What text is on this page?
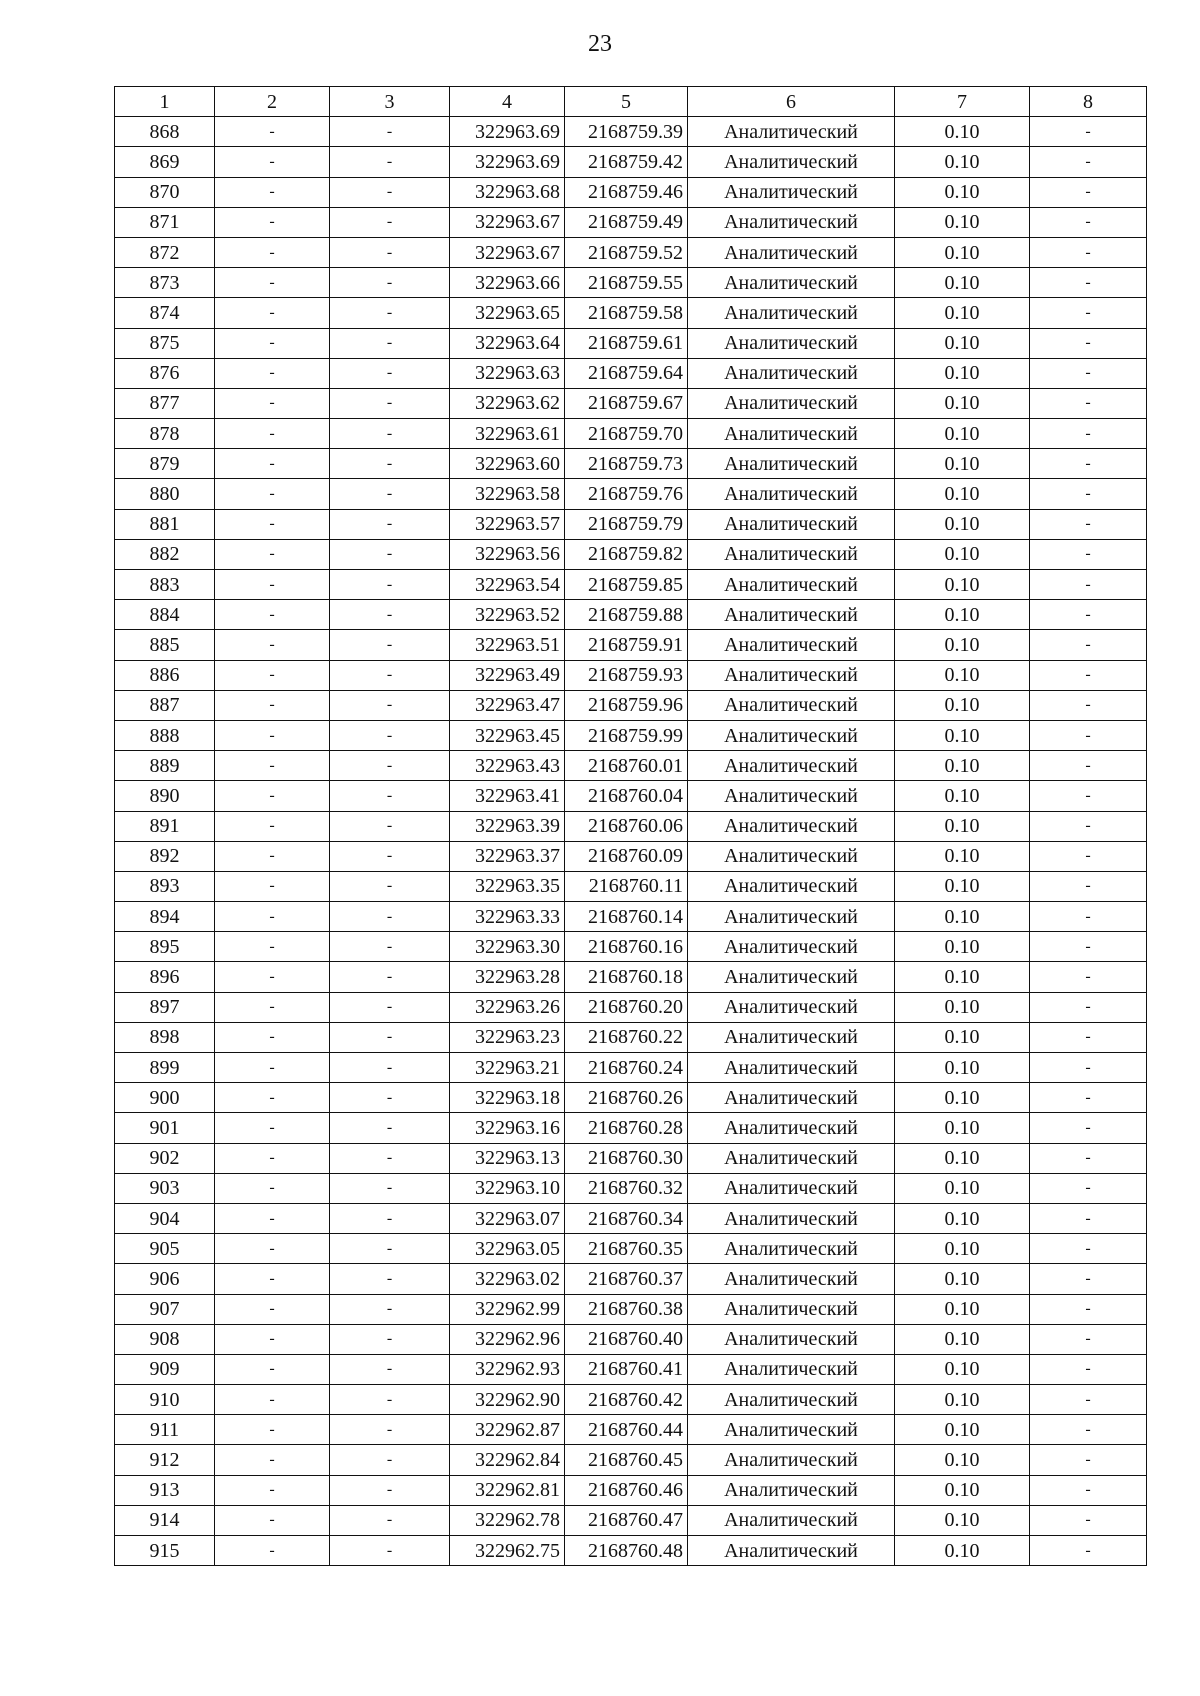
23
1	2	3	4	5	6	7	8
868	-	-	322963.69	2168759.39	Аналитический	0.10	-
869	-	-	322963.69	2168759.42	Аналитический	0.10	-
870	-	-	322963.68	2168759.46	Аналитический	0.10	-
871	-	-	322963.67	2168759.49	Аналитический	0.10	-
872	-	-	322963.67	2168759.52	Аналитический	0.10	-
873	-	-	322963.66	2168759.55	Аналитический	0.10	-
874	-	-	322963.65	2168759.58	Аналитический	0.10	-
875	-	-	322963.64	2168759.61	Аналитический	0.10	-
876	-	-	322963.63	2168759.64	Аналитический	0.10	-
877	-	-	322963.62	2168759.67	Аналитический	0.10	-
878	-	-	322963.61	2168759.70	Аналитический	0.10	-
879	-	-	322963.60	2168759.73	Аналитический	0.10	-
880	-	-	322963.58	2168759.76	Аналитический	0.10	-
881	-	-	322963.57	2168759.79	Аналитический	0.10	-
882	-	-	322963.56	2168759.82	Аналитический	0.10	-
883	-	-	322963.54	2168759.85	Аналитический	0.10	-
884	-	-	322963.52	2168759.88	Аналитический	0.10	-
885	-	-	322963.51	2168759.91	Аналитический	0.10	-
886	-	-	322963.49	2168759.93	Аналитический	0.10	-
887	-	-	322963.47	2168759.96	Аналитический	0.10	-
888	-	-	322963.45	2168759.99	Аналитический	0.10	-
889	-	-	322963.43	2168760.01	Аналитический	0.10	-
890	-	-	322963.41	2168760.04	Аналитический	0.10	-
891	-	-	322963.39	2168760.06	Аналитический	0.10	-
892	-	-	322963.37	2168760.09	Аналитический	0.10	-
893	-	-	322963.35	2168760.11	Аналитический	0.10	-
894	-	-	322963.33	2168760.14	Аналитический	0.10	-
895	-	-	322963.30	2168760.16	Аналитический	0.10	-
896	-	-	322963.28	2168760.18	Аналитический	0.10	-
897	-	-	322963.26	2168760.20	Аналитический	0.10	-
898	-	-	322963.23	2168760.22	Аналитический	0.10	-
899	-	-	322963.21	2168760.24	Аналитический	0.10	-
900	-	-	322963.18	2168760.26	Аналитический	0.10	-
901	-	-	322963.16	2168760.28	Аналитический	0.10	-
902	-	-	322963.13	2168760.30	Аналитический	0.10	-
903	-	-	322963.10	2168760.32	Аналитический	0.10	-
904	-	-	322963.07	2168760.34	Аналитический	0.10	-
905	-	-	322963.05	2168760.35	Аналитический	0.10	-
906	-	-	322963.02	2168760.37	Аналитический	0.10	-
907	-	-	322962.99	2168760.38	Аналитический	0.10	-
908	-	-	322962.96	2168760.40	Аналитический	0.10	-
909	-	-	322962.93	2168760.41	Аналитический	0.10	-
910	-	-	322962.90	2168760.42	Аналитический	0.10	-
911	-	-	322962.87	2168760.44	Аналитический	0.10	-
912	-	-	322962.84	2168760.45	Аналитический	0.10	-
913	-	-	322962.81	2168760.46	Аналитический	0.10	-
914	-	-	322962.78	2168760.47	Аналитический	0.10	-
915	-	-	322962.75	2168760.48	Аналитический	0.10	-
